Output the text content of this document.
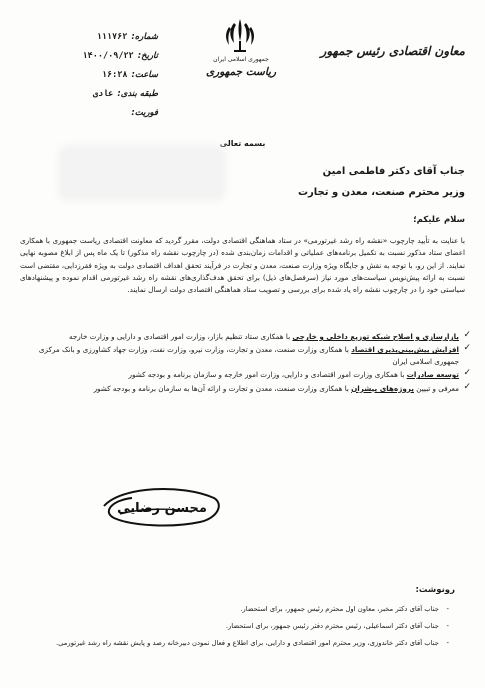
شماره:
۱۱۱۷۶۲
تاریخ:
۱۴۰۰/۰۹/۲۲
ساعت:
۱۶:۲۸
طبقه بندی:
عادی
فوریت:
جمهوری اسلامی ایران
ریاست جمهوری
معاون اقتصادی رئیس جمهور
بسمه تعالی
جناب آقای دکتر فاطمی امین
وزیر محترم صنعت، معدن و تجارت
سلام علیکم؛
با عنایت به تأیید چارچوب «نقشه راه رشد غیرتورمی» در ستاد هماهنگی اقتصادی دولت، مقرر گردید که معاونت اقتصادی ریاست جمهوری با همکاری اعضای ستاد مذکور نسبت به تکمیل برنامه‌های عملیاتی و اقدامات زمان‌بندی شده (در چارچوب نقشه راه مذکور) تا یک ماه پس از ابلاغ مصوبه نهایی نمایند. از این رو، با توجه به نقش و جایگاه ویژه وزارت صنعت، معدن و تجارت در فرآیند تحقق اهداف اقتصادی دولت به ویژه فقرزدایی، مقتضی است نسبت به ارائه پیش‌نویس سیاست‌های مورد نیاز (سرفصل‌های ذیل) برای تحقق هدف‌گذاری‌های نقشه راه رشد غیرتورمی اقدام نموده و پیشنهادهای سیاستی خود را در چارچوب نقشه راه یاد شده برای بررسی و تصویب ستاد هماهنگی اقتصادی دولت ارسال نمایند.
✓
بازارسازی و اصلاح شبکه توزیع داخلی و خارجی با همکاری ستاد تنظیم بازار، وزارت امور اقتصادی و دارایی و وزارت خارجه
✓
افزایش پیش‌بینی‌پذیری اقتصاد با همکاری وزارت صنعت، معدن و تجارت، وزارت نیرو، وزارت نفت، وزارت جهاد کشاورزی و بانک مرکزی جمهوری اسلامی ایران
✓
توسعه صادرات با همکاری وزارت امور اقتصادی و دارایی، وزارت امور خارجه و سازمان برنامه و بودجه کشور
✓
معرفی و تبیین پروژه‌های پیشران با همکاری وزارت صنعت، معدن و تجارت و ارائه آن‌ها به سازمان برنامه و بودجه کشور
محسن رضایی
رونوشت:
- جناب آقای دکتر مخبر، معاون اول محترم رئیس جمهور، برای استحضار.
- جناب آقای دکتر اسماعیلی، رئیس محترم دفتر رئیس جمهور، برای استحضار.
- جناب آقای دکتر خاندوزی، وزیر محترم امور اقتصادی و دارایی، برای اطلاع و فعال نمودن دبیرخانه رصد و پایش نقشه راه رشد غیرتورمی.
